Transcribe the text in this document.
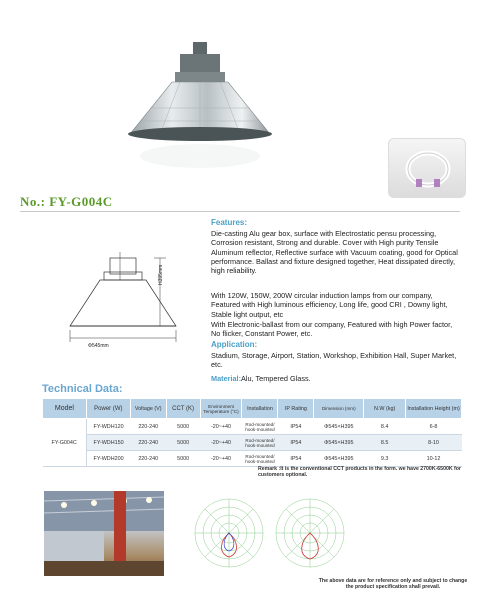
No.: FY-G004C
Φ545mm
H395mm
Features:
Die-casting Alu gear box, surface with Electrostatic pensu processing, Corrosion resistant, Strong and durable. Cover with High purity Tensile Aluminum reflector, Reflective surface with Vacuum coating, good for Optical performance. Ballast and fixture designed together, Heat dissipated directly, high reliability.
With 120W, 150W, 200W circular induction lamps from our company, Featured with High luminous efficiency, Long life, good CRI , Downy light, Stable light output, etc
With Electronic-ballast from our company, Featured with high Power factor, No flicker, Constant Power, etc.
Application:
Stadium, Storage, Airport, Station, Workshop, Exhibition Hall, Super Market, etc.
Material:Alu, Tempered Glass.
Technical Data:
Model	Power (W)	Voltage (V)	CCT (K)	Environment Temperature (°C)	Installation	IP Rating	Dimension (mm)	N.W (kg)	Installation Height (m)
FY-G004C	FY-WDH120	220-240	5000	-20~+40	Rod-mounted/ hook-mounted	IP54	Φ545×H395	8.4	6-8
	FY-WDH150	220-240	5000	-20~+40	Rod-mounted/ hook-mounted	IP54	Φ545×H395	8.5	8-10
	FY-WDH200	220-240	5000	-20~+40	Rod-mounted/ hook-mounted	IP54	Φ545×H395	9.3	10-12
Remark :It is the conventional CCT products in the form. we have 2700K-6500K for customers optional.
The above data are for reference only and subject to change the product specification shall prevail.
